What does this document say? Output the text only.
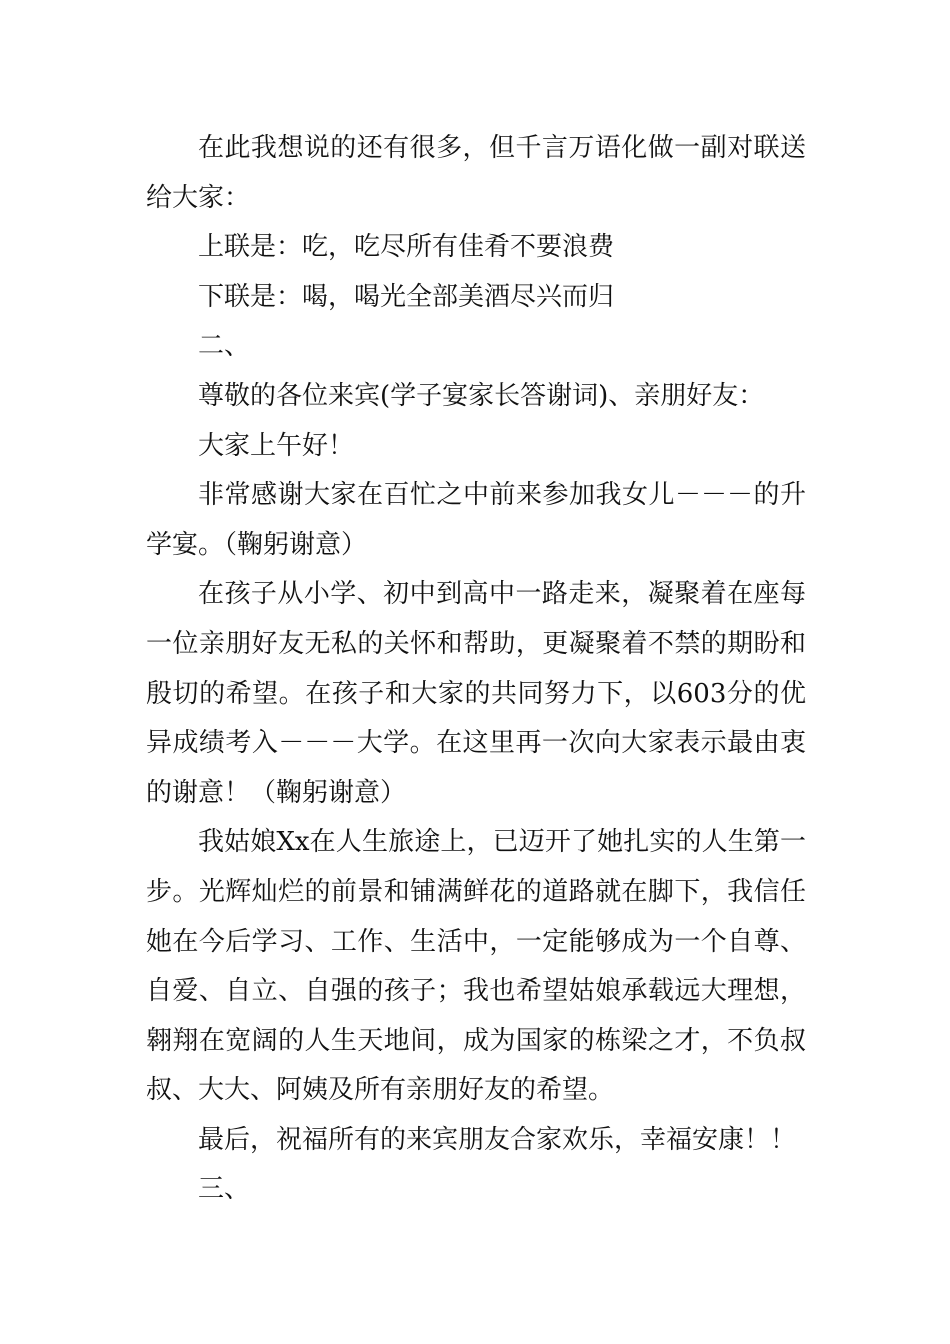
在此我想说的还有很多，但千言万语化做一副对联送给大家：

上联是：吃，吃尽所有佳肴不要浪费

下联是：喝，喝光全部美酒尽兴而归

二、

尊敬的各位来宾(学子宴家长答谢词)、亲朋好友：

大家上午好！

非常感谢大家在百忙之中前来参加我女儿－－－的升学宴。（鞠躬谢意）

在孩子从小学、初中到高中一路走来，凝聚着在座每一位亲朋好友无私的关怀和帮助，更凝聚着不禁的期盼和殷切的希望。在孩子和大家的共同努力下，以603分的优异成绩考入－－－大学。在这里再一次向大家表示最由衷的谢意！（鞠躬谢意）

我姑娘Xx在人生旅途上，已迈开了她扎实的人生第一步。光辉灿烂的前景和铺满鲜花的道路就在脚下，我信任她在今后学习、工作、生活中，一定能够成为一个自尊、自爱、自立、自强的孩子；我也希望姑娘承载远大理想，翱翔在宽阔的人生天地间，成为国家的栋梁之才，不负叔叔、大大、阿姨及所有亲朋好友的希望。

最后，祝福所有的来宾朋友合家欢乐，幸福安康！！

三、
